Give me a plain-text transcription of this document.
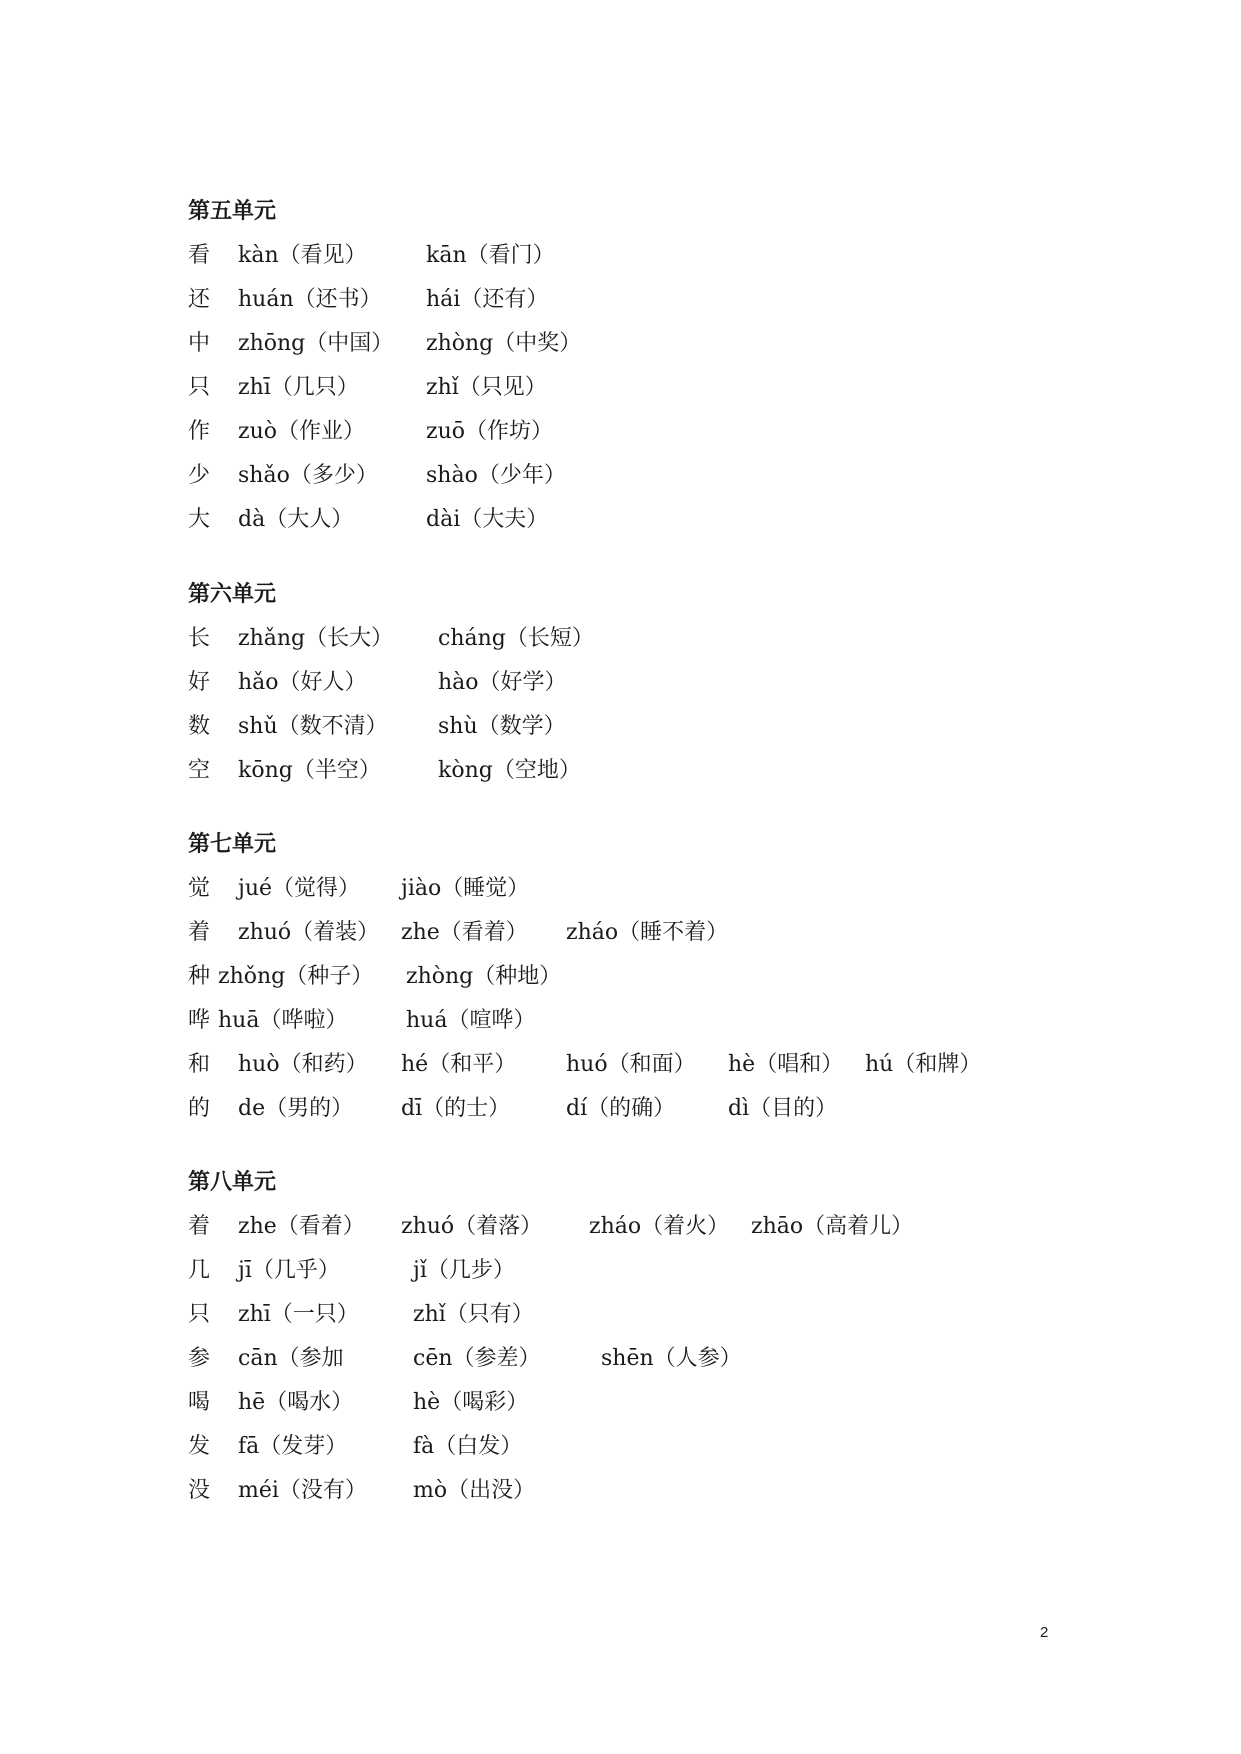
第五单元
看 kàn（看见）	kān（看门）
还 huán（还书） hái（还有）
中 zhōng（中国） zhòng（中奖）
只 zhī（几只）	zhǐ（只见）
作 zuò（作业）	zuō（作坊）
少 shǎo（多少） shào（少年）
大 dà（大人）	dài（大夫）
第六单元
长 zhǎng（长大） cháng（长短）
好 hǎo（好人）	hào（好学）
数 shǔ（数不清） shù（数学）
空 kōng（半空）	kòng（空地）
第七单元
觉 jué（觉得） jiào（睡觉）
着 zhuó（着装） zhe（看着） zháo（睡不着）
种 zhǒng（种子） zhòng（种地）
哗 huā（哗啦）	huá（喧哗）
和 huò（和药） hé（和平） huó（和面） hè（唱和） hú（和牌）
的 de（男的） dī（的士）	dí（的确） dì（目的）
第八单元
着 zhe（看着） zhuó（着落） zháo（着火） zhāo（高着儿）
几 jī（几乎）	jǐ（几步）
只 zhī（一只） zhǐ（只有）
参 cān（参加	cēn（参差）	shēn（人参）
喝 hē（喝水）	hè（喝彩）
发 fā（发芽）	fà（白发）
没 méi（没有） mò（出没）
2
